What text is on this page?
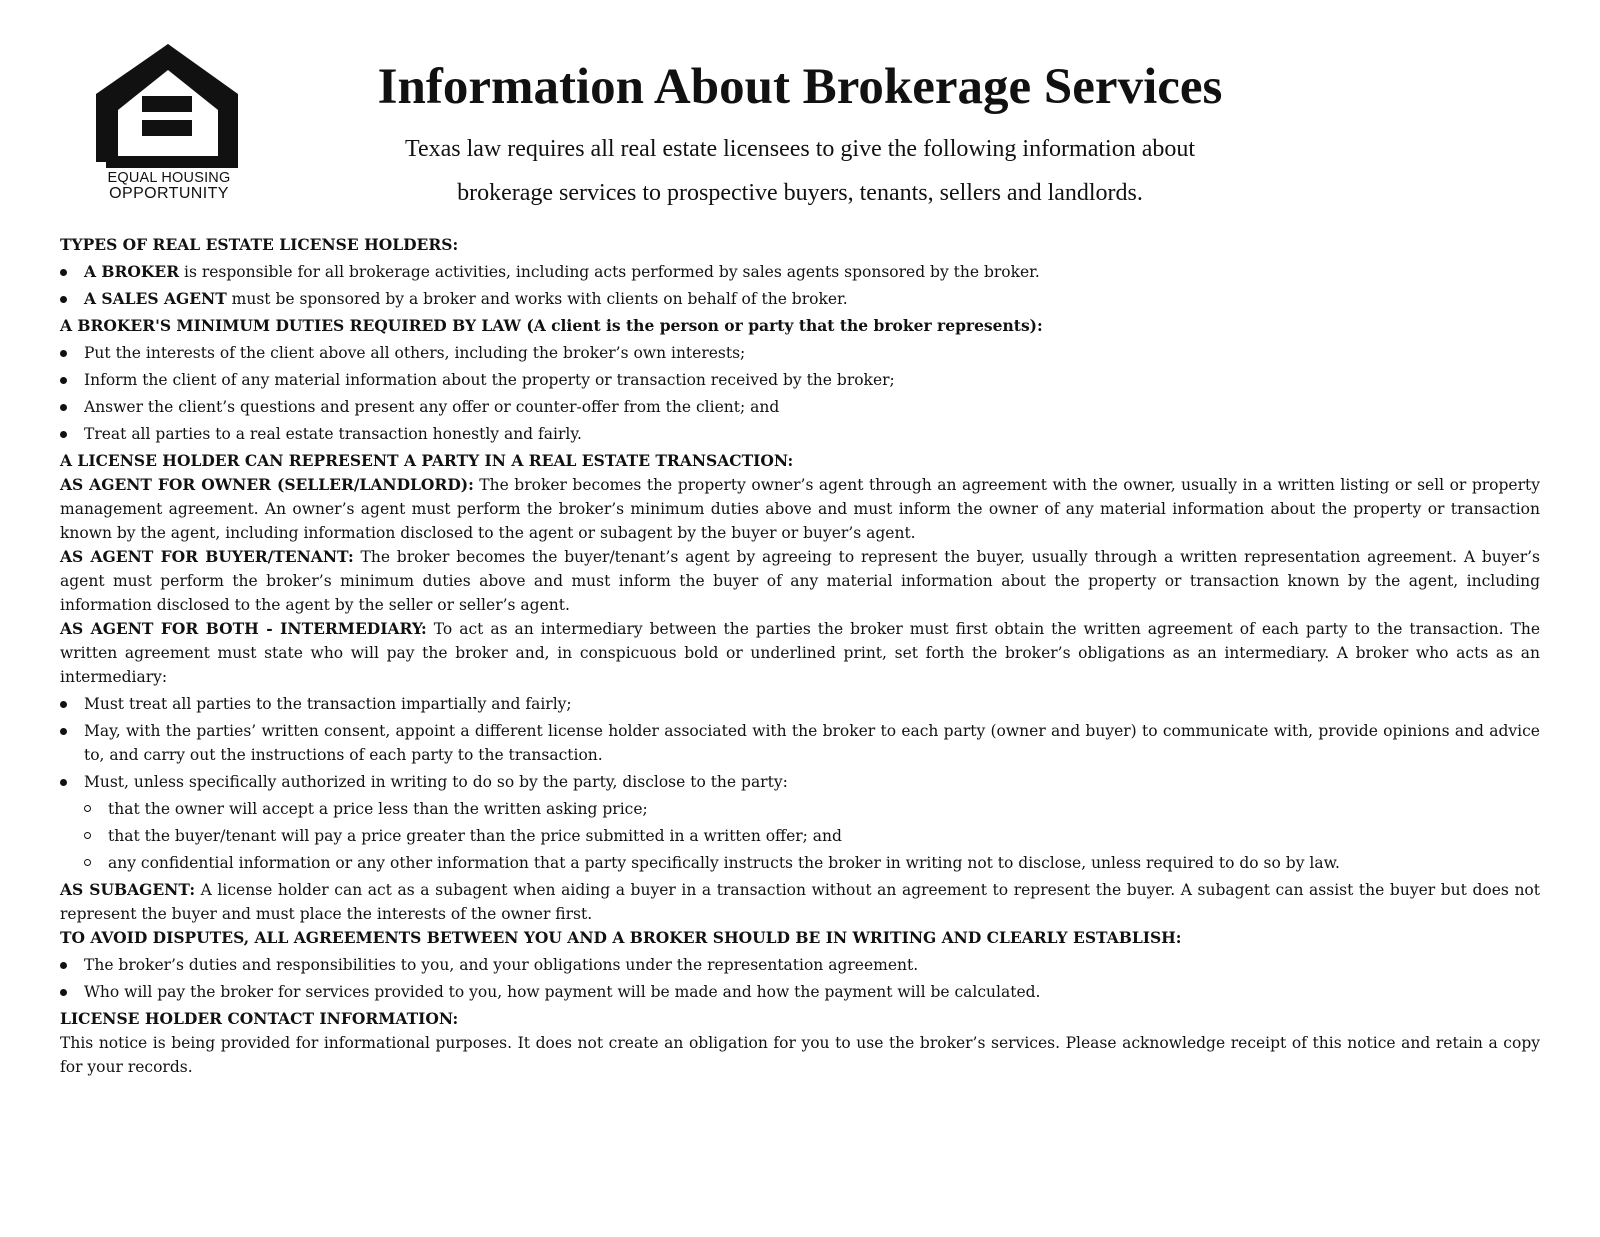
EQUAL HOUSING
OPPORTUNITY
Information About Brokerage Services

Texas law requires all real estate licensees to give the following information about

brokerage services to prospective buyers, tenants, sellers and landlords.

TYPES OF REAL ESTATE LICENSE HOLDERS:

A BROKER is responsible for all brokerage activities, including acts performed by sales agents sponsored by the broker.
A SALES AGENT must be sponsored by a broker and works with clients on behalf of the broker.

A BROKER'S MINIMUM DUTIES REQUIRED BY LAW (A client is the person or party that the broker represents):

Put the interests of the client above all others, including the broker’s own interests;
Inform the client of any material information about the property or transaction received by the broker;
Answer the client’s questions and present any offer or counter-offer from the client; and
Treat all parties to a real estate transaction honestly and fairly.

A LICENSE HOLDER CAN REPRESENT A PARTY IN A REAL ESTATE TRANSACTION:

AS AGENT FOR OWNER (SELLER/LANDLORD): The broker becomes the property owner’s agent through an agreement with the owner, usually in a written listing or sell or property management agreement. An owner’s agent must perform the broker’s minimum duties above and must inform the owner of any material information about the property or transaction known by the agent, including information disclosed to the agent or subagent by the buyer or buyer’s agent.

AS AGENT FOR BUYER/TENANT: The broker becomes the buyer/tenant’s agent by agreeing to represent the buyer, usually through a written representation agreement. A buyer’s agent must perform the broker’s minimum duties above and must inform the buyer of any material information about the property or transaction known by the agent, including information disclosed to the agent by the seller or seller’s agent.

AS AGENT FOR BOTH - INTERMEDIARY: To act as an intermediary between the parties the broker must first obtain the written agreement of each party to the transaction. The written agreement must state who will pay the broker and, in conspicuous bold or underlined print, set forth the broker’s obligations as an intermediary. A broker who acts as an intermediary:

Must treat all parties to the transaction impartially and fairly;
May, with the parties’ written consent, appoint a different license holder associated with the broker to each party (owner and buyer) to communicate with, provide opinions and advice to, and carry out the instructions of each party to the transaction.
Must, unless specifically authorized in writing to do so by the party, disclose to the party:
that the owner will accept a price less than the written asking price;
that the buyer/tenant will pay a price greater than the price submitted in a written offer; and
any confidential information or any other information that a party specifically instructs the broker in writing not to disclose, unless required to do so by law.

AS SUBAGENT: A license holder can act as a subagent when aiding a buyer in a transaction without an agreement to represent the buyer. A subagent can assist the buyer but does not represent the buyer and must place the interests of the owner first.

TO AVOID DISPUTES, ALL AGREEMENTS BETWEEN YOU AND A BROKER SHOULD BE IN WRITING AND CLEARLY ESTABLISH:

The broker’s duties and responsibilities to you, and your obligations under the representation agreement.
Who will pay the broker for services provided to you, how payment will be made and how the payment will be calculated.

LICENSE HOLDER CONTACT INFORMATION:

This notice is being provided for informational purposes. It does not create an obligation for you to use the broker’s services. Please acknowledge receipt of this notice and retain a copy for your records.
